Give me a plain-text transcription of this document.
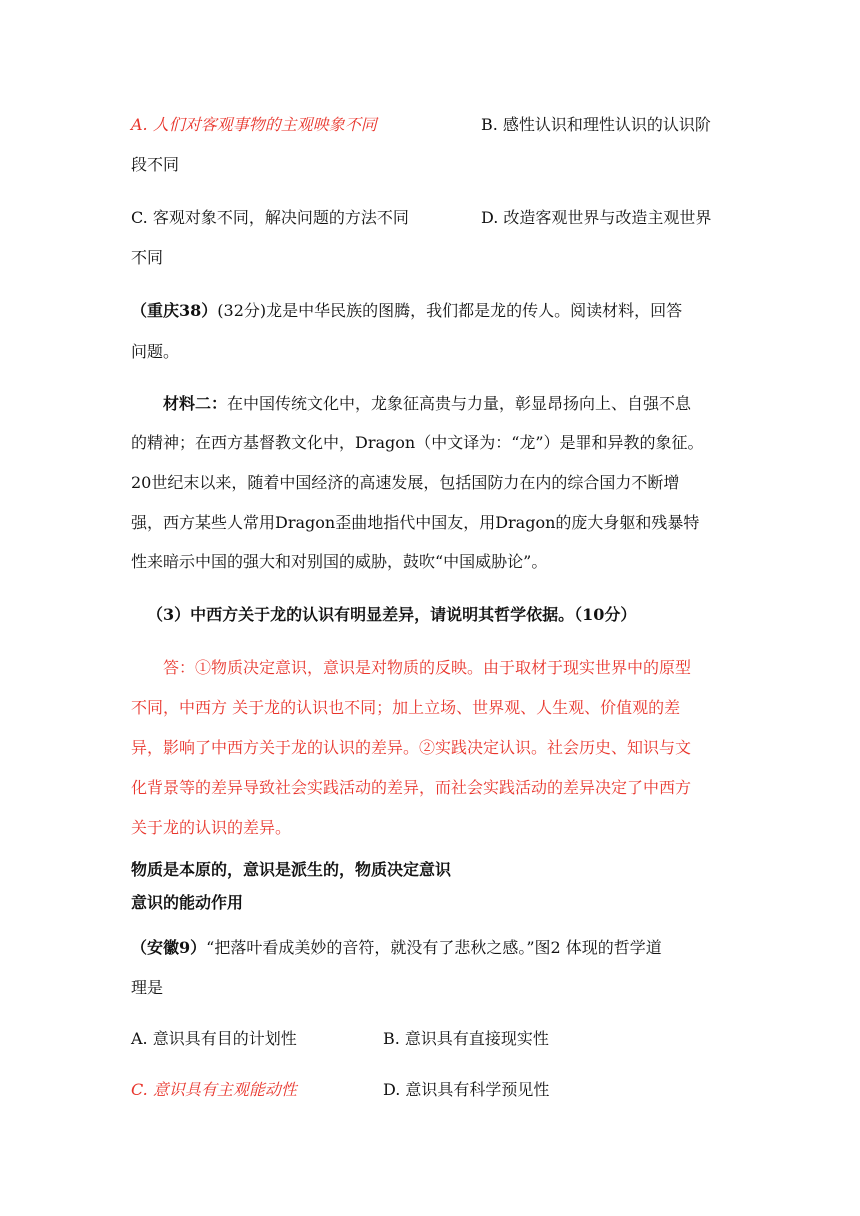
A. 人们对客观事物的主观映象不同	B. 感性认识和理性认识的认识阶
段不同
C. 客观对象不同，解决问题的方法不同	D. 改造客观世界与改造主观世界
不同
（重庆38）(32分)龙是中华民族的图腾，我们都是龙的传人。阅读材料，回答
问题。
材料二：在中国传统文化中，龙象征高贵与力量，彰显昂扬向上、自强不息
的精神；在西方基督教文化中，Dragon（中文译为：“龙”）是罪和异教的象征。
20世纪末以来，随着中国经济的高速发展，包括国防力在内的综合国力不断增
强，西方某些人常用Dragon歪曲地指代中国友，用Dragon的庞大身躯和残暴特
性来暗示中国的强大和对别国的威胁，鼓吹“中国威胁论”。
（3）中西方关于龙的认识有明显差异，请说明其哲学依据。（10分）
答：①物质决定意识，意识是对物质的反映。由于取材于现实世界中的原型
不同，中西方 关于龙的认识也不同；加上立场、世界观、人生观、价值观的差
异，影响了中西方关于龙的认识的差异。②实践决定认识。社会历史、知识与文
化背景等的差异导致社会实践活动的差异，而社会实践活动的差异决定了中西方
关于龙的认识的差异。
物质是本原的，意识是派生的，物质决定意识
意识的能动作用
（安徽9）“把落叶看成美妙的音符，就没有了悲秋之感。”图2 体现的哲学道
理是
A. 意识具有目的计划性	B. 意识具有直接现实性
C. 意识具有主观能动性	D. 意识具有科学预见性
